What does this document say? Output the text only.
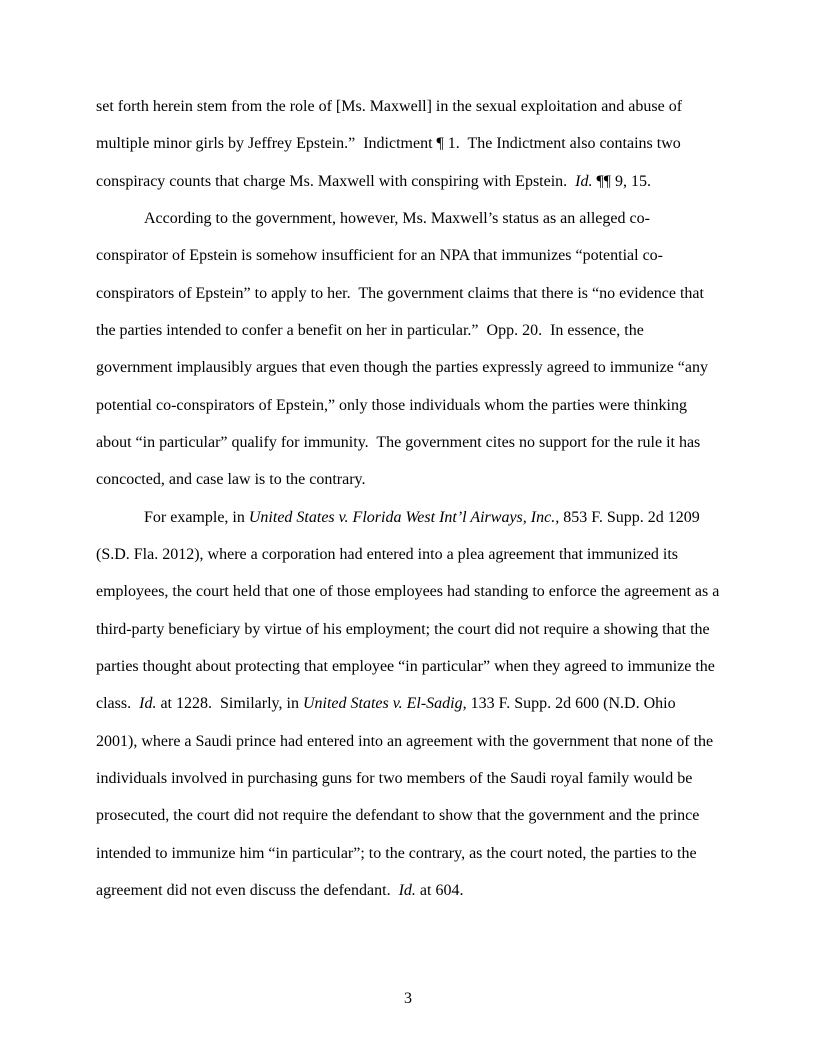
set forth herein stem from the role of [Ms. Maxwell] in the sexual exploitation and abuse of multiple minor girls by Jeffrey Epstein.”  Indictment ¶ 1.  The Indictment also contains two conspiracy counts that charge Ms. Maxwell with conspiring with Epstein.  Id. ¶¶ 9, 15.

According to the government, however, Ms. Maxwell’s status as an alleged co-conspirator of Epstein is somehow insufficient for an NPA that immunizes “potential co-conspirators of Epstein” to apply to her.  The government claims that there is “no evidence that the parties intended to confer a benefit on her in particular.”  Opp. 20.  In essence, the government implausibly argues that even though the parties expressly agreed to immunize “any potential co-conspirators of Epstein,” only those individuals whom the parties were thinking about “in particular” qualify for immunity.  The government cites no support for the rule it has concocted, and case law is to the contrary.

For example, in United States v. Florida West Int’l Airways, Inc., 853 F. Supp. 2d 1209 (S.D. Fla. 2012), where a corporation had entered into a plea agreement that immunized its employees, the court held that one of those employees had standing to enforce the agreement as a third-party beneficiary by virtue of his employment; the court did not require a showing that the parties thought about protecting that employee “in particular” when they agreed to immunize the class.  Id. at 1228.  Similarly, in United States v. El-Sadig, 133 F. Supp. 2d 600 (N.D. Ohio 2001), where a Saudi prince had entered into an agreement with the government that none of the individuals involved in purchasing guns for two members of the Saudi royal family would be prosecuted, the court did not require the defendant to show that the government and the prince intended to immunize him “in particular”; to the contrary, as the court noted, the parties to the agreement did not even discuss the defendant.  Id. at 604.

3
